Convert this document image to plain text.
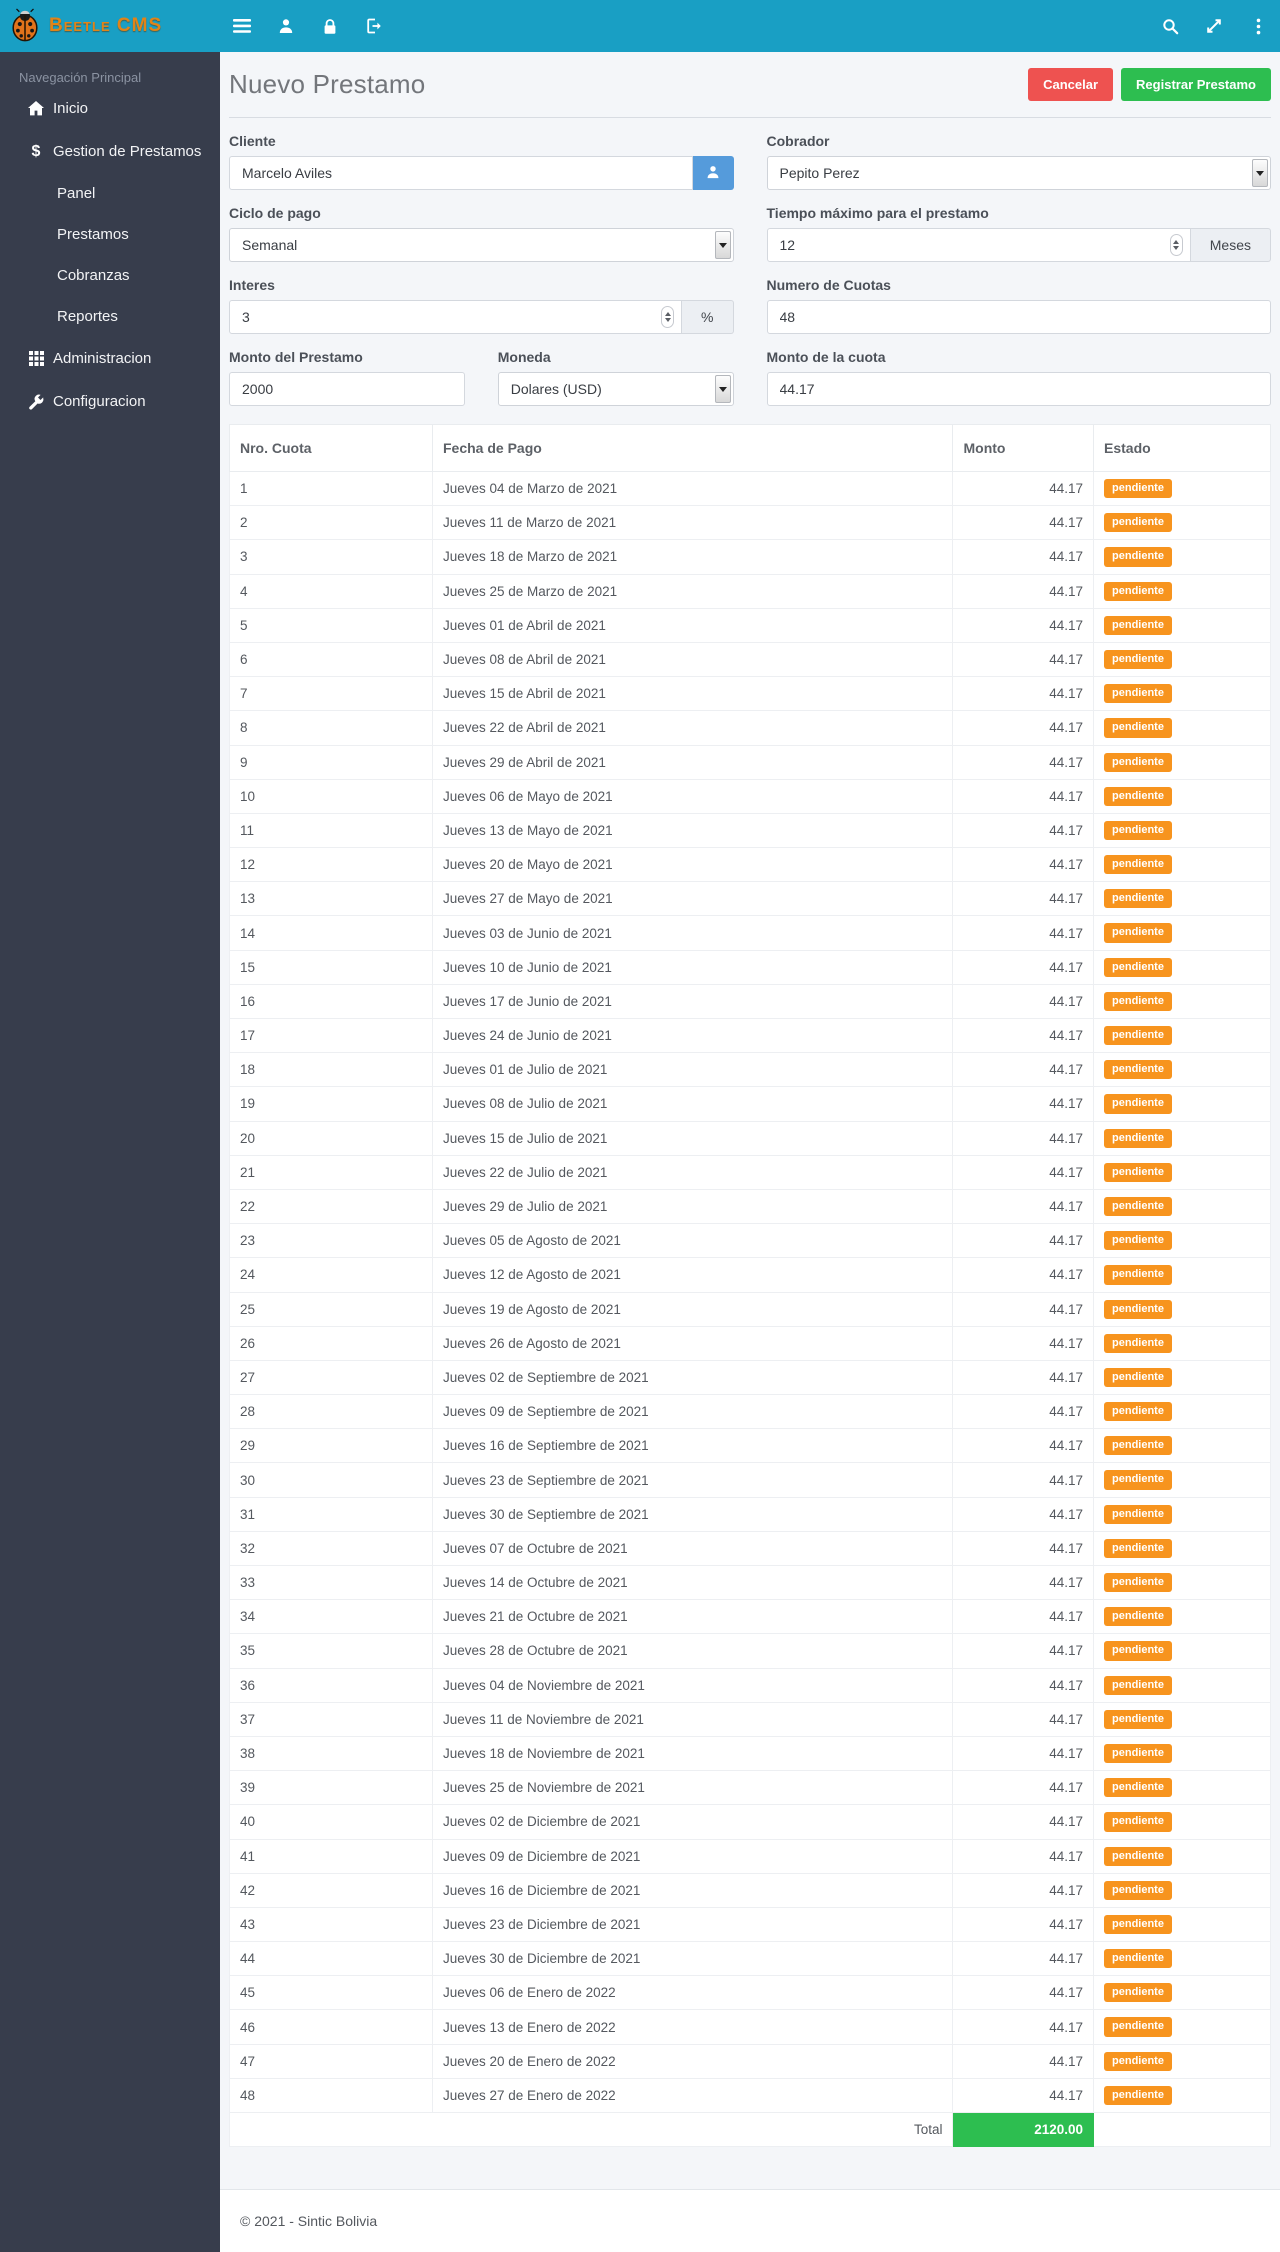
Beetle CMS
Navegación Principal
Inicio
$ Gestion de Prestamos
Panel
Prestamos
Cobranzas
Reportes
Administracion
Configuracion
Nuevo Prestamo	Cancelar	Registrar Prestamo
Cliente
Marcelo Aviles	Cobrador
Pepito Perez
Ciclo de pago
Semanal
Tiempo máximo para el prestamo
12
Meses
Interes
3
%
Numero de Cuotas
48
Monto del Prestamo
2000	Moneda
Dolares (USD)
Monto de la cuota
44.17
Nro. Cuota	Fecha de Pago	Monto	Estado
1	Jueves 04 de Marzo de 2021	44.17	pendiente
2	Jueves 11 de Marzo de 2021	44.17	pendiente
3	Jueves 18 de Marzo de 2021	44.17	pendiente
4	Jueves 25 de Marzo de 2021	44.17	pendiente
5	Jueves 01 de Abril de 2021	44.17	pendiente
6	Jueves 08 de Abril de 2021	44.17	pendiente
7	Jueves 15 de Abril de 2021	44.17	pendiente
8	Jueves 22 de Abril de 2021	44.17	pendiente
9	Jueves 29 de Abril de 2021	44.17	pendiente
10	Jueves 06 de Mayo de 2021	44.17	pendiente
11	Jueves 13 de Mayo de 2021	44.17	pendiente
12	Jueves 20 de Mayo de 2021	44.17	pendiente
13	Jueves 27 de Mayo de 2021	44.17	pendiente
14	Jueves 03 de Junio de 2021	44.17	pendiente
15	Jueves 10 de Junio de 2021	44.17	pendiente
16	Jueves 17 de Junio de 2021	44.17	pendiente
17	Jueves 24 de Junio de 2021	44.17	pendiente
18	Jueves 01 de Julio de 2021	44.17	pendiente
19	Jueves 08 de Julio de 2021	44.17	pendiente
20	Jueves 15 de Julio de 2021	44.17	pendiente
21	Jueves 22 de Julio de 2021	44.17	pendiente
22	Jueves 29 de Julio de 2021	44.17	pendiente
23	Jueves 05 de Agosto de 2021	44.17	pendiente
24	Jueves 12 de Agosto de 2021	44.17	pendiente
25	Jueves 19 de Agosto de 2021	44.17	pendiente
26	Jueves 26 de Agosto de 2021	44.17	pendiente
27	Jueves 02 de Septiembre de 2021	44.17	pendiente
28	Jueves 09 de Septiembre de 2021	44.17	pendiente
29	Jueves 16 de Septiembre de 2021	44.17	pendiente
30	Jueves 23 de Septiembre de 2021	44.17	pendiente
31	Jueves 30 de Septiembre de 2021	44.17	pendiente
32	Jueves 07 de Octubre de 2021	44.17	pendiente
33	Jueves 14 de Octubre de 2021	44.17	pendiente
34	Jueves 21 de Octubre de 2021	44.17	pendiente
35	Jueves 28 de Octubre de 2021	44.17	pendiente
36	Jueves 04 de Noviembre de 2021	44.17	pendiente
37	Jueves 11 de Noviembre de 2021	44.17	pendiente
38	Jueves 18 de Noviembre de 2021	44.17	pendiente
39	Jueves 25 de Noviembre de 2021	44.17	pendiente
40	Jueves 02 de Diciembre de 2021	44.17	pendiente
41	Jueves 09 de Diciembre de 2021	44.17	pendiente
42	Jueves 16 de Diciembre de 2021	44.17	pendiente
43	Jueves 23 de Diciembre de 2021	44.17	pendiente
44	Jueves 30 de Diciembre de 2021	44.17	pendiente
45	Jueves 06 de Enero de 2022	44.17	pendiente
46	Jueves 13 de Enero de 2022	44.17	pendiente
47	Jueves 20 de Enero de 2022	44.17	pendiente
48	Jueves 27 de Enero de 2022	44.17	pendiente
Total		2120.00	
© 2021 - Sintic Bolivia
